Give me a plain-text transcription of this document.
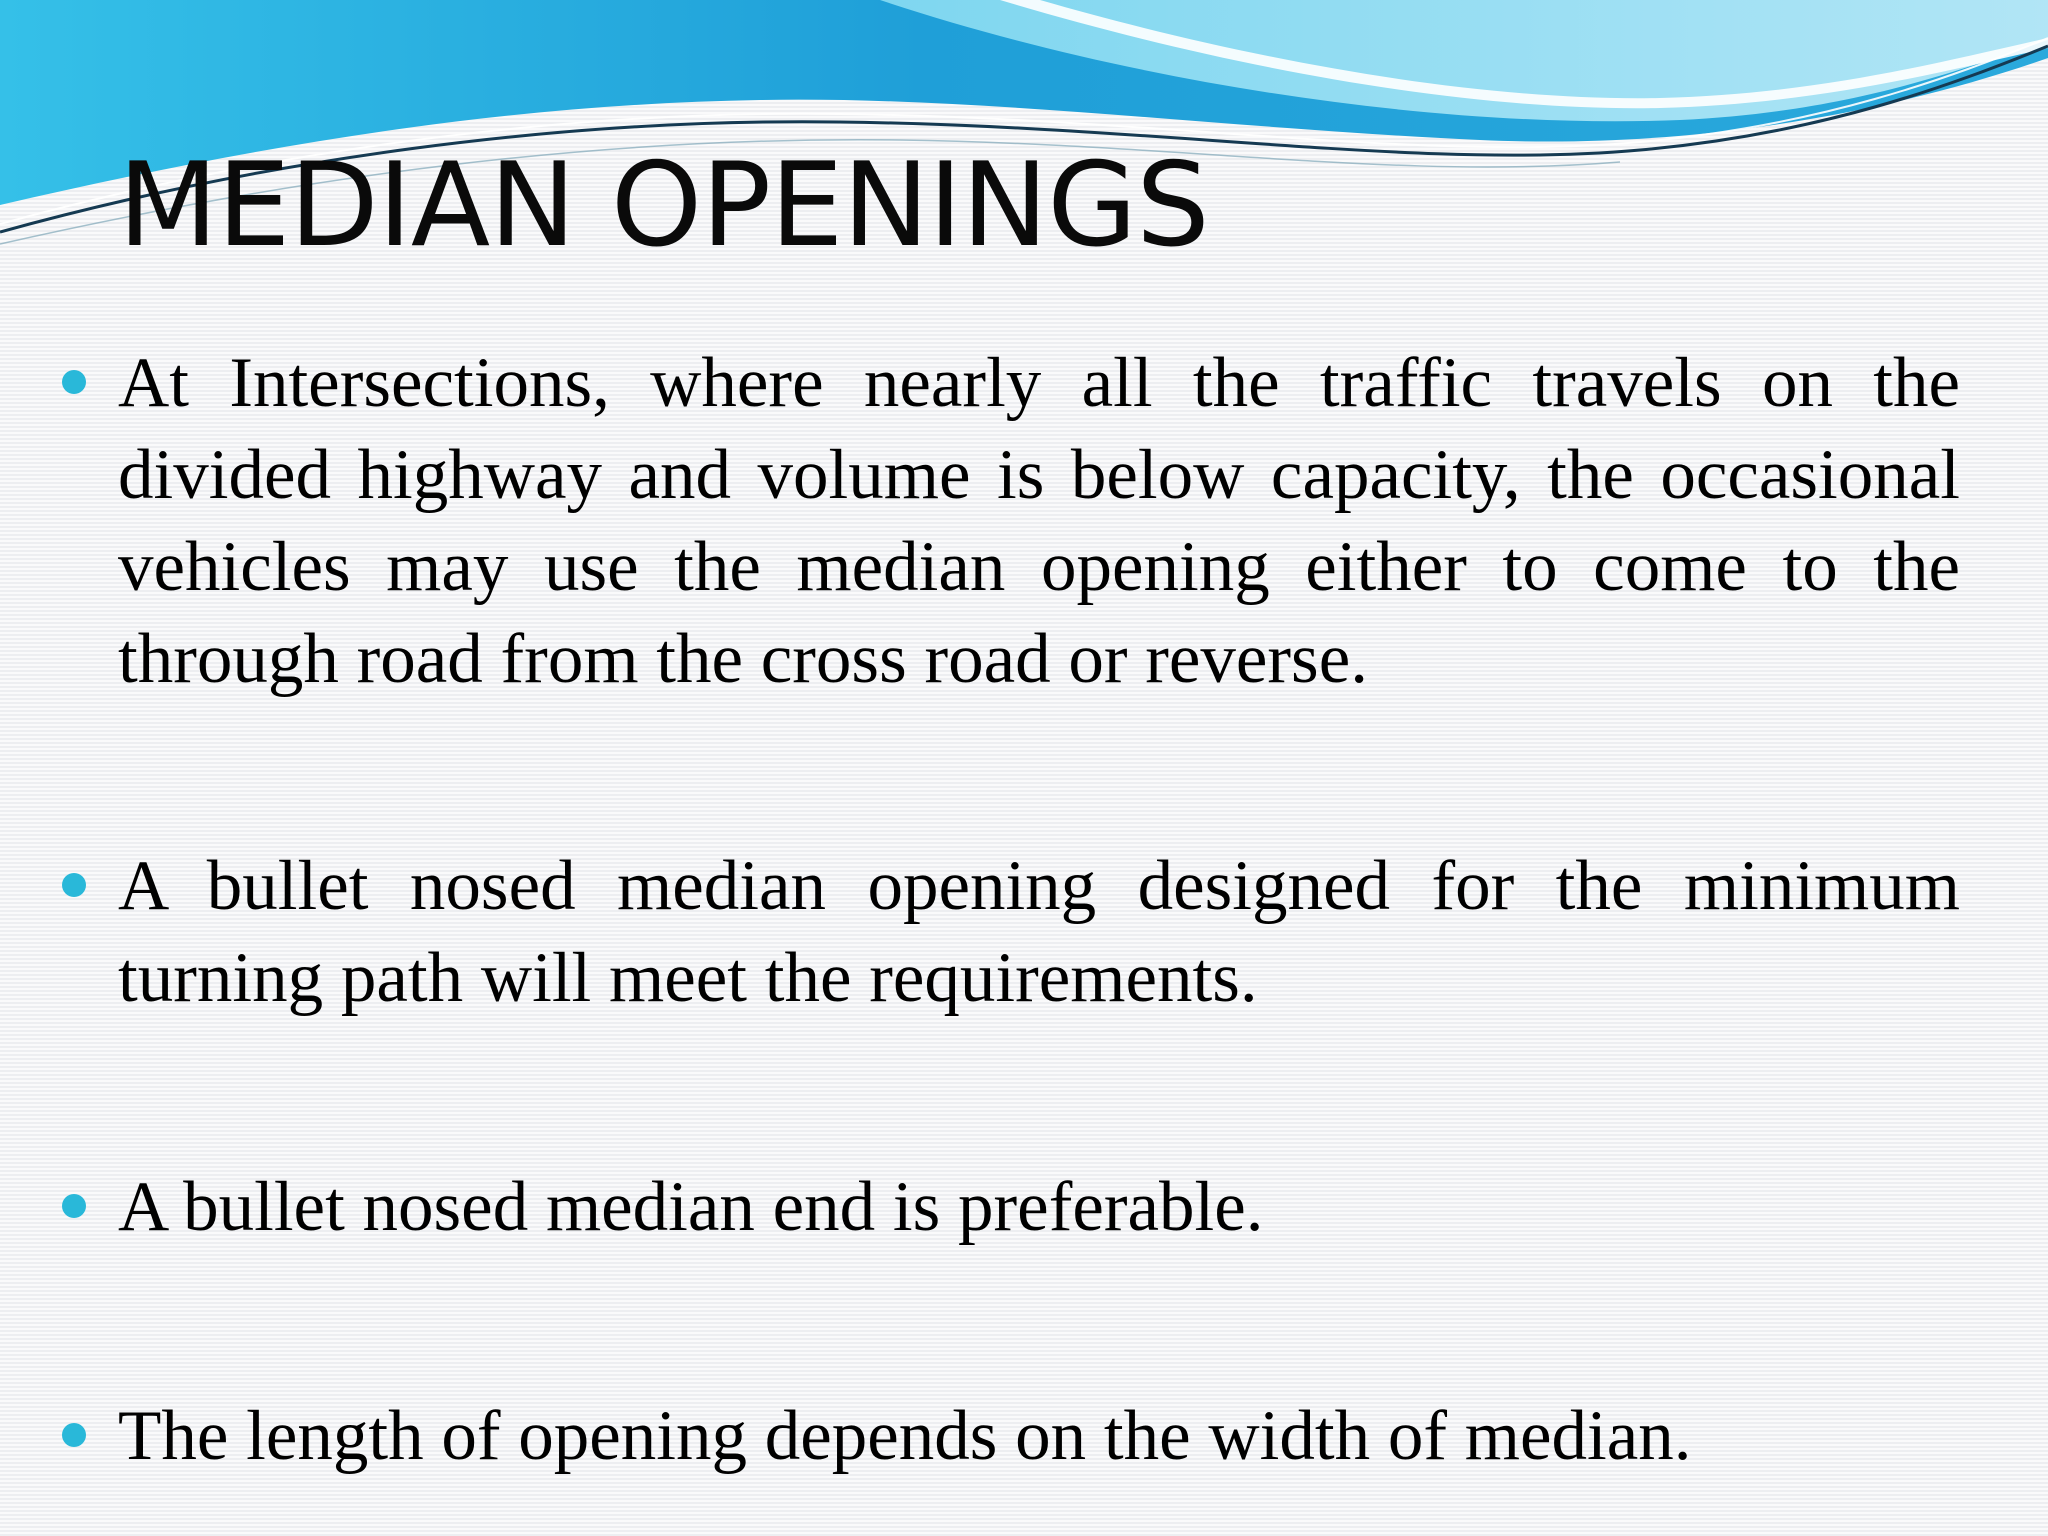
MEDIAN OPENINGS

At Intersections, where nearly all the traffic travels on the divided highway and volume is below capacity, the occasional vehicles may use the median opening either to come to the through road from the cross road or reverse.

A bullet nosed median opening designed for the minimum turning path will meet the requirements.

A bullet nosed median end is preferable.

The length of opening depends on the width of median.
